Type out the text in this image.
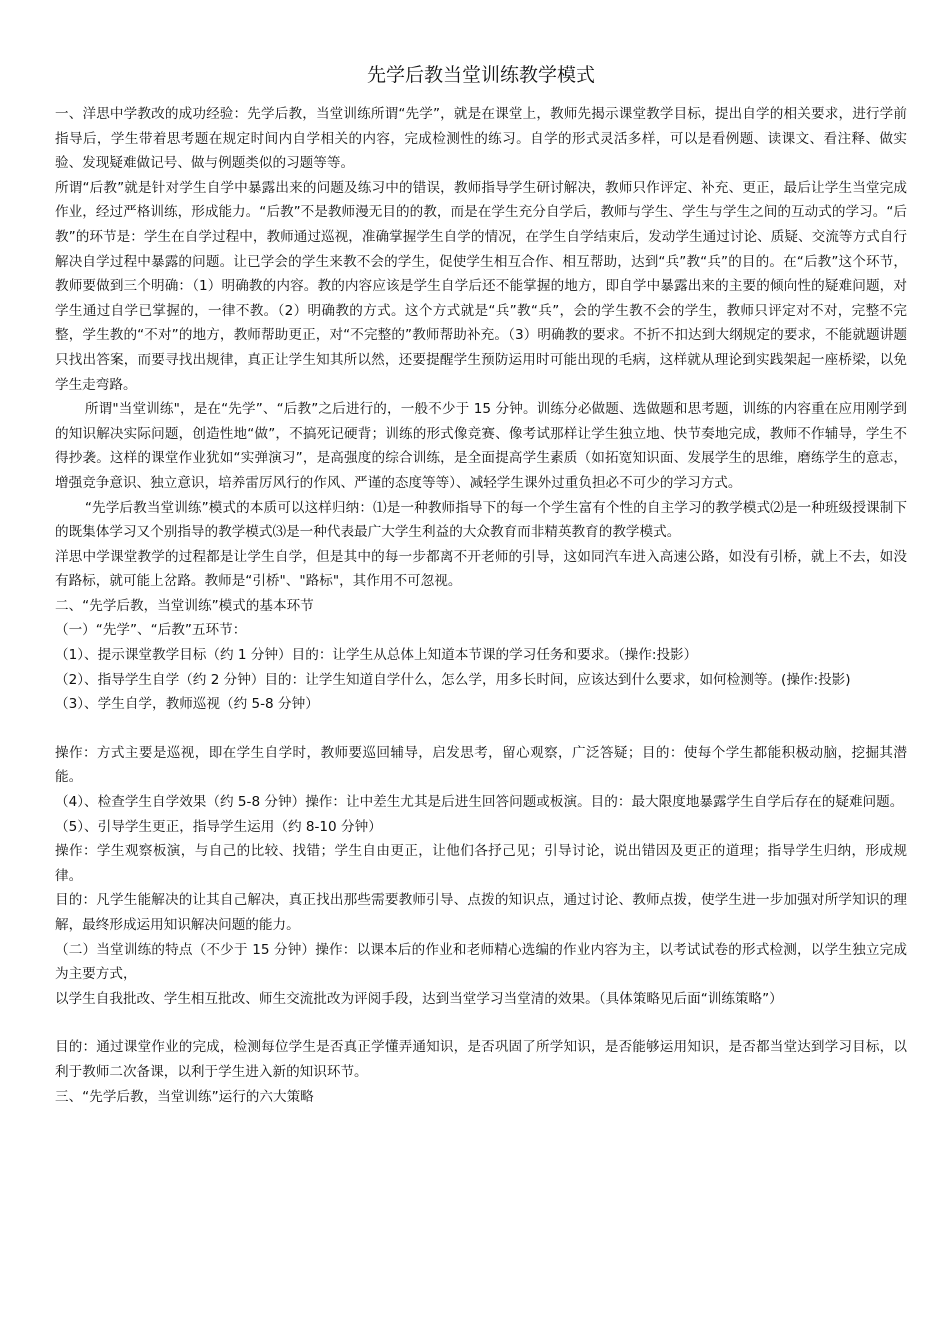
先学后教当堂训练教学模式

一、洋思中学教改的成功经验：先学后教，当堂训练所谓“先学”，就是在课堂上，教师先揭示课堂教学目标，提出自学的相关要求，进行学前指导后，学生带着思考题在规定时间内自学相关的内容，完成检测性的练习。自学的形式灵活多样，可以是看例题、读课文、看注释、做实验、发现疑难做记号、做与例题类似的习题等等。

所谓“后教”就是针对学生自学中暴露出来的问题及练习中的错误，教师指导学生研讨解决，教师只作评定、补充、更正，最后让学生当堂完成作业，经过严格训练，形成能力。“后教”不是教师漫无目的的教，而是在学生充分自学后，教师与学生、学生与学生之间的互动式的学习。“后教”的环节是：学生在自学过程中，教师通过巡视，准确掌握学生自学的情况，在学生自学结束后，发动学生通过讨论、质疑、交流等方式自行解决自学过程中暴露的问题。让已学会的学生来教不会的学生，促使学生相互合作、相互帮助，达到“兵”教“兵”的目的。在“后教”这个环节，教师要做到三个明确：（1）明确教的内容。教的内容应该是学生自学后还不能掌握的地方，即自学中暴露出来的主要的倾向性的疑难问题，对学生通过自学已掌握的，一律不教。（2）明确教的方式。这个方式就是“兵”教“兵”，会的学生教不会的学生，教师只评定对不对，完整不完整，学生教的“不对”的地方，教师帮助更正，对“不完整的”教师帮助补充。（3）明确教的要求。不折不扣达到大纲规定的要求，不能就题讲题只找出答案，而要寻找出规律，真正让学生知其所以然，还要提醒学生预防运用时可能出现的毛病，这样就从理论到实践架起一座桥梁，以免学生走弯路。

所谓"当堂训练"，是在“先学”、“后教”之后进行的，一般不少于 15 分钟。训练分必做题、选做题和思考题，训练的内容重在应用刚学到的知识解决实际问题，创造性地“做”，不搞死记硬背；训练的形式像竞赛、像考试那样让学生独立地、快节奏地完成，教师不作辅导，学生不得抄袭。这样的课堂作业犹如“实弹演习”，是高强度的综合训练，是全面提高学生素质（如拓宽知识面、发展学生的思维，磨练学生的意志，增强竞争意识、独立意识，培养雷厉风行的作风、严谨的态度等等）、减轻学生课外过重负担必不可少的学习方式。

“先学后教当堂训练”模式的本质可以这样归纳：⑴是一种教师指导下的每一个学生富有个性的自主学习的教学模式⑵是一种班级授课制下的既集体学习又个别指导的教学模式⑶是一种代表最广大学生利益的大众教育而非精英教育的教学模式。

洋思中学课堂教学的过程都是让学生自学，但是其中的每一步都离不开老师的引导，这如同汽车进入高速公路，如没有引桥，就上不去，如没有路标，就可能上岔路。教师是“引桥"、"路标"，其作用不可忽视。

二、“先学后教，当堂训练”模式的基本环节

（一）“先学”、“后教”五环节：

（1）、提示课堂教学目标（约 1 分钟）目的：让学生从总体上知道本节课的学习任务和要求。（操作:投影）

（2）、指导学生自学（约 2 分钟）目的：让学生知道自学什么，怎么学，用多长时间，应该达到什么要求，如何检测等。(操作:投影)

（3）、学生自学，教师巡视（约 5-8 分钟）

操作：方式主要是巡视，即在学生自学时，教师要巡回辅导，启发思考，留心观察，广泛答疑；目的：使每个学生都能积极动脑，挖掘其潜能。

（4）、检查学生自学效果（约 5-8 分钟）操作：让中差生尤其是后进生回答问题或板演。目的：最大限度地暴露学生自学后存在的疑难问题。

（5）、引导学生更正，指导学生运用（约 8-10 分钟）

操作：学生观察板演，与自己的比较、找错；学生自由更正，让他们各抒己见；引导讨论，说出错因及更正的道理；指导学生归纳，形成规律。

目的：凡学生能解决的让其自己解决，真正找出那些需要教师引导、点拨的知识点，通过讨论、教师点拨，使学生进一步加强对所学知识的理解，最终形成运用知识解决问题的能力。

（二）当堂训练的特点（不少于 15 分钟）操作：以课本后的作业和老师精心选编的作业内容为主，以考试试卷的形式检测，以学生独立完成为主要方式，

以学生自我批改、学生相互批改、师生交流批改为评阅手段，达到当堂学习当堂清的效果。（具体策略见后面“训练策略”）

目的：通过课堂作业的完成，检测每位学生是否真正学懂弄通知识，是否巩固了所学知识，是否能够运用知识，是否都当堂达到学习目标，以利于教师二次备课，以利于学生进入新的知识环节。

三、“先学后教，当堂训练”运行的六大策略
